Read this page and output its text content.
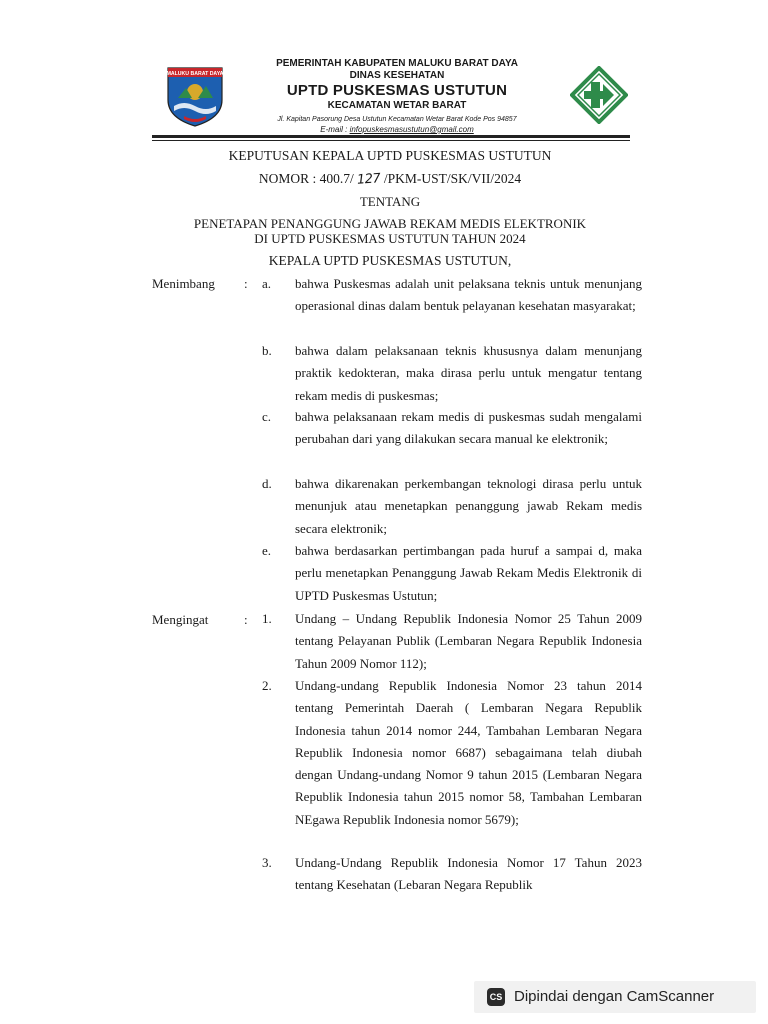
MALUKU BARAT DAYA
PEMERINTAH KABUPATEN MALUKU BARAT DAYA
DINAS KESEHATAN
UPTD PUSKESMAS USTUTUN
KECAMATAN WETAR BARAT
Jl. Kapitan Pasorung Desa Ustutun Kecamatan Wetar Barat Kode Pos 94857
E-mail : infopuskesmasustutun@gmail.com
KEPUTUSAN KEPALA UPTD PUSKESMAS USTUTUN
NOMOR : 400.7/ 127 /PKM-UST/SK/VII/2024
TENTANG
PENETAPAN PENANGGUNG JAWAB REKAM MEDIS ELEKTRONIK
DI UPTD PUSKESMAS USTUTUN TAHUN 2024
KEPALA UPTD PUSKESMAS USTUTUN,
Menimbang : a.	bahwa Puskesmas adalah unit pelaksana teknis untuk menunjang operasional dinas dalam bentuk pelayanan kesehatan masyarakat;
b.	bahwa dalam pelaksanaan teknis khususnya dalam menunjang praktik kedokteran, maka dirasa perlu untuk mengatur tentang rekam medis di puskesmas;
c.	bahwa pelaksanaan rekam medis di puskesmas sudah mengalami perubahan dari yang dilakukan secara manual ke elektronik;
d.	bahwa dikarenakan perkembangan teknologi dirasa perlu untuk menunjuk atau menetapkan penanggung jawab Rekam medis secara elektronik;
e.	bahwa berdasarkan pertimbangan pada huruf a sampai d, maka perlu menetapkan Penanggung Jawab Rekam Medis Elektronik di UPTD Puskesmas Ustutun;
Mengingat	: 1.	Undang – Undang Republik Indonesia Nomor 25 Tahun 2009 tentang Pelayanan Publik (Lembaran Negara Republik Indonesia Tahun 2009 Nomor 112);
2.	Undang-undang Republik Indonesia Nomor 23 tahun 2014 tentang Pemerintah Daerah ( Lembaran Negara Republik Indonesia tahun 2014 nomor 244, Tambahan Lembaran Negara Republik Indonesia nomor 6687) sebagaimana telah diubah dengan Undang-undang Nomor 9 tahun 2015 (Lembaran Negara Republik Indonesia tahun 2015 nomor 58, Tambahan Lembaran NEgawa Republik Indonesia nomor 5679);
3.	Undang-Undang Republik Indonesia Nomor 17 Tahun 2023 tentang Kesehatan (Lebaran Negara Republik
CS Dipindai dengan CamScanner
